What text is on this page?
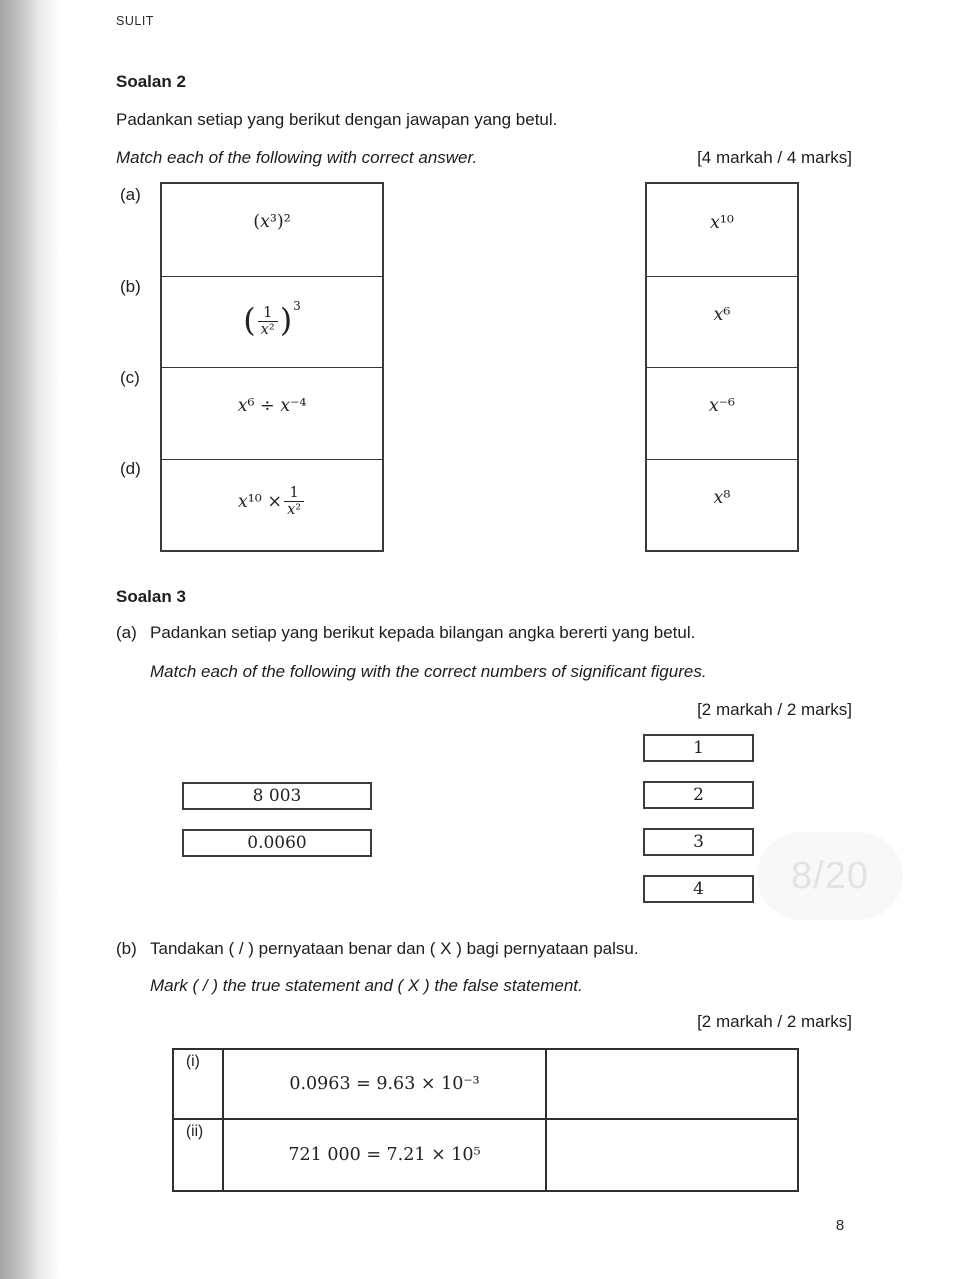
SULIT
Soalan 2
Padankan setiap yang berikut dengan jawapan yang betul.
Match each of the following with correct answer.	[4 markah / 4 marks]
(a)
(b)
(c)
(d)
(x³)²
( 1
x² ) 3
x⁶ ÷ x⁻⁴
$x^{10} \times \frac{1}{\text{x²}}$
x¹⁰
x⁶
x⁻⁶
x⁸
Soalan 3
(a) Padankan setiap yang berikut kepada bilangan angka bererti yang betul.
Match each of the following with the correct numbers of significant figures.
[2 markah / 2 marks]
8 003
0.0060
1
2
3
4	8/20
(b) Tandakan ( / ) pernyataan benar dan ( X ) bagi pernyataan palsu.
Mark ( / ) the true statement and ( X ) the false statement.
[2 markah / 2 marks]
(i)
0.0963 = 9.63 × 10⁻³
(ii)
721 000 = 7.21 × 10⁵
8
